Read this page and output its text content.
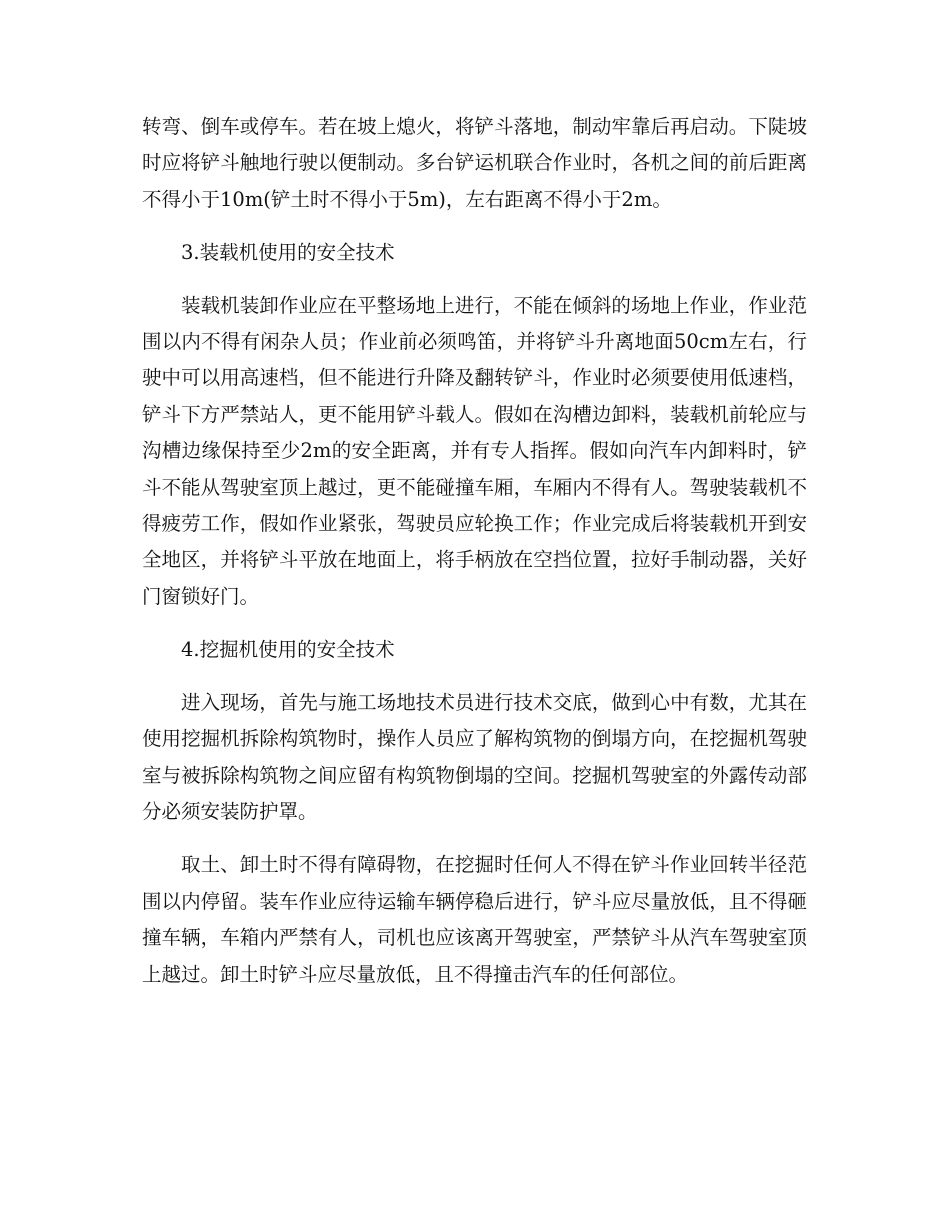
转弯、倒车或停车。若在坡上熄火，将铲斗落地，制动牢靠后再启动。下陡坡时应将铲斗触地行驶以便制动。多台铲运机联合作业时，各机之间的前后距离不得小于10m(铲土时不得小于5m)，左右距离不得小于2m。

3.装载机使用的安全技术

装载机装卸作业应在平整场地上进行，不能在倾斜的场地上作业，作业范围以内不得有闲杂人员；作业前必须鸣笛，并将铲斗升离地面50cm左右，行驶中可以用高速档，但不能进行升降及翻转铲斗，作业时必须要使用低速档，铲斗下方严禁站人，更不能用铲斗载人。假如在沟槽边卸料，装载机前轮应与沟槽边缘保持至少2m的安全距离，并有专人指挥。假如向汽车内卸料时，铲斗不能从驾驶室顶上越过，更不能碰撞车厢，车厢内不得有人。驾驶装载机不得疲劳工作，假如作业紧张，驾驶员应轮换工作；作业完成后将装载机开到安全地区，并将铲斗平放在地面上，将手柄放在空挡位置，拉好手制动器，关好门窗锁好门。

4.挖掘机使用的安全技术

进入现场，首先与施工场地技术员进行技术交底，做到心中有数，尤其在使用挖掘机拆除构筑物时，操作人员应了解构筑物的倒塌方向，在挖掘机驾驶室与被拆除构筑物之间应留有构筑物倒塌的空间。挖掘机驾驶室的外露传动部分必须安装防护罩。

取土、卸土时不得有障碍物，在挖掘时任何人不得在铲斗作业回转半径范围以内停留。装车作业应待运输车辆停稳后进行，铲斗应尽量放低，且不得砸撞车辆，车箱内严禁有人，司机也应该离开驾驶室，严禁铲斗从汽车驾驶室顶上越过。卸土时铲斗应尽量放低，且不得撞击汽车的任何部位。
